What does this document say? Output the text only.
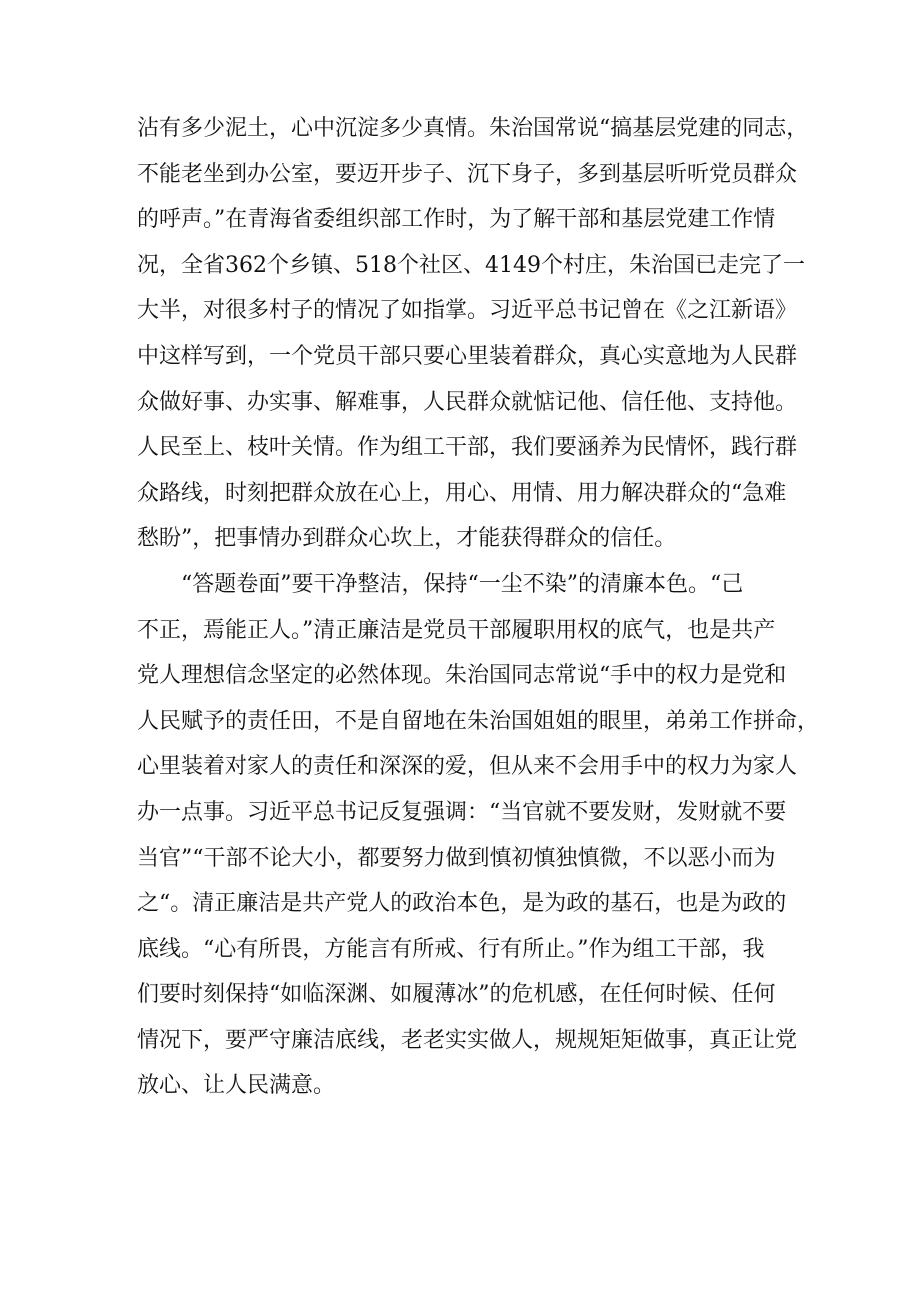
沾有多少泥土，心中沉淀多少真情。朱治国常说“搞基层党建的同志，
不能老坐到办公室，要迈开步子、沉下身子，多到基层听听党员群众
的呼声。”在青海省委组织部工作时，为了解干部和基层党建工作情
况，全省362个乡镇、518个社区、4149个村庄，朱治国已走完了一
大半，对很多村子的情况了如指掌。习近平总书记曾在《之江新语》
中这样写到，一个党员干部只要心里装着群众，真心实意地为人民群
众做好事、办实事、解难事，人民群众就惦记他、信任他、支持他。
人民至上、枝叶关情。作为组工干部，我们要涵养为民情怀，践行群
众路线，时刻把群众放在心上，用心、用情、用力解决群众的“急难
愁盼”，把事情办到群众心坎上，才能获得群众的信任。
　　“答题卷面”要干净整洁，保持“一尘不染”的清廉本色。“己
不正，焉能正人。”清正廉洁是党员干部履职用权的底气，也是共产
党人理想信念坚定的必然体现。朱治国同志常说“手中的权力是党和
人民赋予的责任田，不是自留地在朱治国姐姐的眼里，弟弟工作拼命，
心里装着对家人的责任和深深的爱，但从来不会用手中的权力为家人
办一点事。习近平总书记反复强调：“当官就不要发财，发财就不要
当官”“干部不论大小，都要努力做到慎初慎独慎微，不以恶小而为
之“。清正廉洁是共产党人的政治本色，是为政的基石，也是为政的
底线。“心有所畏，方能言有所戒、行有所止。”作为组工干部，我
们要时刻保持“如临深渊、如履薄冰”的危机感，在任何时候、任何
情况下，要严守廉洁底线，老老实实做人，规规矩矩做事，真正让党
放心、让人民满意。
